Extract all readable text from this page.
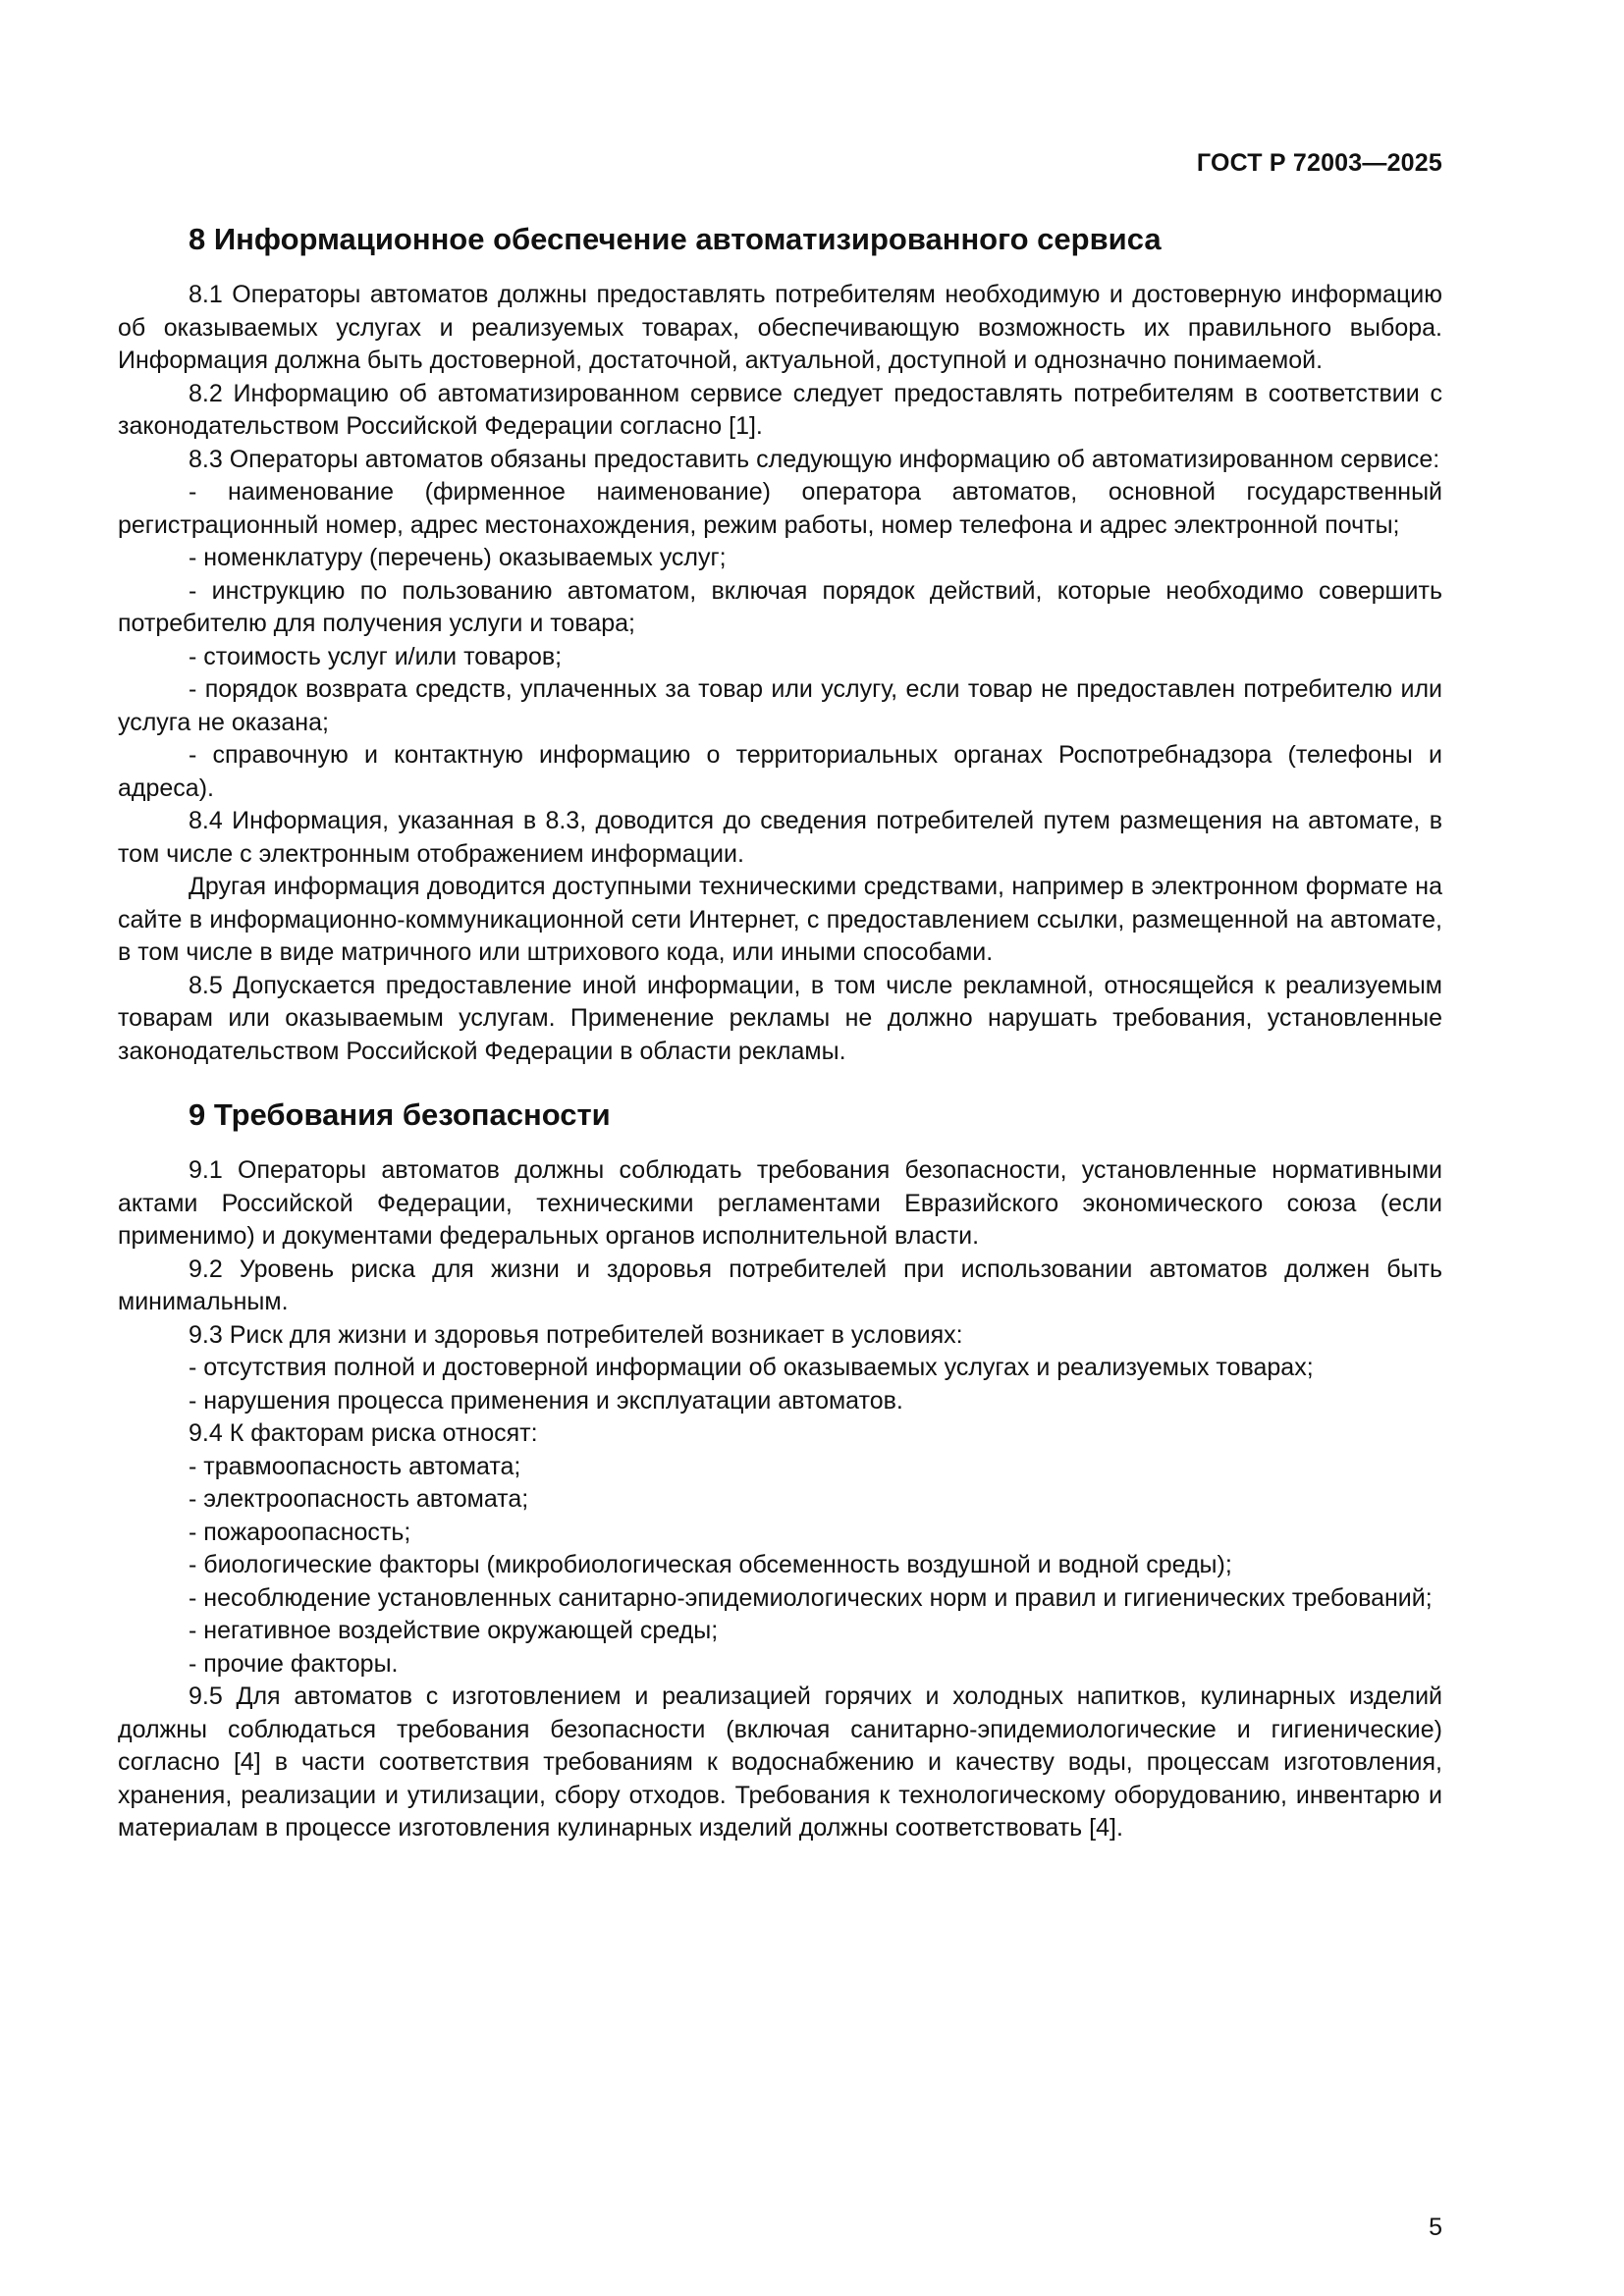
ГОСТ Р 72003—2025
8 Информационное обеспечение автоматизированного сервиса

8.1 Операторы автоматов должны предоставлять потребителям необходимую и достоверную информацию об оказываемых услугах и реализуемых товарах, обеспечивающую возможность их правильного выбора. Информация должна быть достоверной, достаточной, актуальной, доступной и однозначно понимаемой.

8.2 Информацию об автоматизированном сервисе следует предоставлять потребителям в соответствии с законодательством Российской Федерации согласно [1].

8.3 Операторы автоматов обязаны предоставить следующую информацию об автоматизированном сервисе:

- наименование (фирменное наименование) оператора автоматов, основной государственный регистрационный номер, адрес местонахождения, режим работы, номер телефона и адрес электронной почты;

- номенклатуру (перечень) оказываемых услуг;

- инструкцию по пользованию автоматом, включая порядок действий, которые необходимо совершить потребителю для получения услуги и товара;

- стоимость услуг и/или товаров;

- порядок возврата средств, уплаченных за товар или услугу, если товар не предоставлен потребителю или услуга не оказана;

- справочную и контактную информацию о территориальных органах Роспотребнадзора (телефоны и адреса).

8.4 Информация, указанная в 8.3, доводится до сведения потребителей путем размещения на автомате, в том числе с электронным отображением информации.

Другая информация доводится доступными техническими средствами, например в электронном формате на сайте в информационно-коммуникационной сети Интернет, с предоставлением ссылки, размещенной на автомате, в том числе в виде матричного или штрихового кода, или иными способами.

8.5 Допускается предоставление иной информации, в том числе рекламной, относящейся к реализуемым товарам или оказываемым услугам. Применение рекламы не должно нарушать требования, установленные законодательством Российской Федерации в области рекламы.

9 Требования безопасности

9.1 Операторы автоматов должны соблюдать требования безопасности, установленные нормативными актами Российской Федерации, техническими регламентами Евразийского экономического союза (если применимо) и документами федеральных органов исполнительной власти.

9.2 Уровень риска для жизни и здоровья потребителей при использовании автоматов должен быть минимальным.

9.3 Риск для жизни и здоровья потребителей возникает в условиях:

- отсутствия полной и достоверной информации об оказываемых услугах и реализуемых товарах;

- нарушения процесса применения и эксплуатации автоматов.

9.4 К факторам риска относят:

- травмоопасность автомата;

- электроопасность автомата;

- пожароопасность;

- биологические факторы (микробиологическая обсеменность воздушной и водной среды);

- несоблюдение установленных санитарно-эпидемиологических норм и правил и гигиенических требований;

- негативное воздействие окружающей среды;

- прочие факторы.

9.5 Для автоматов с изготовлением и реализацией горячих и холодных напитков, кулинарных изделий должны соблюдаться требования безопасности (включая санитарно-эпидемиологические и гигиенические) согласно [4] в части соответствия требованиям к водоснабжению и качеству воды, процессам изготовления, хранения, реализации и утилизации, сбору отходов. Требования к технологическому оборудованию, инвентарю и материалам в процессе изготовления кулинарных изделий должны соответствовать [4].

5
